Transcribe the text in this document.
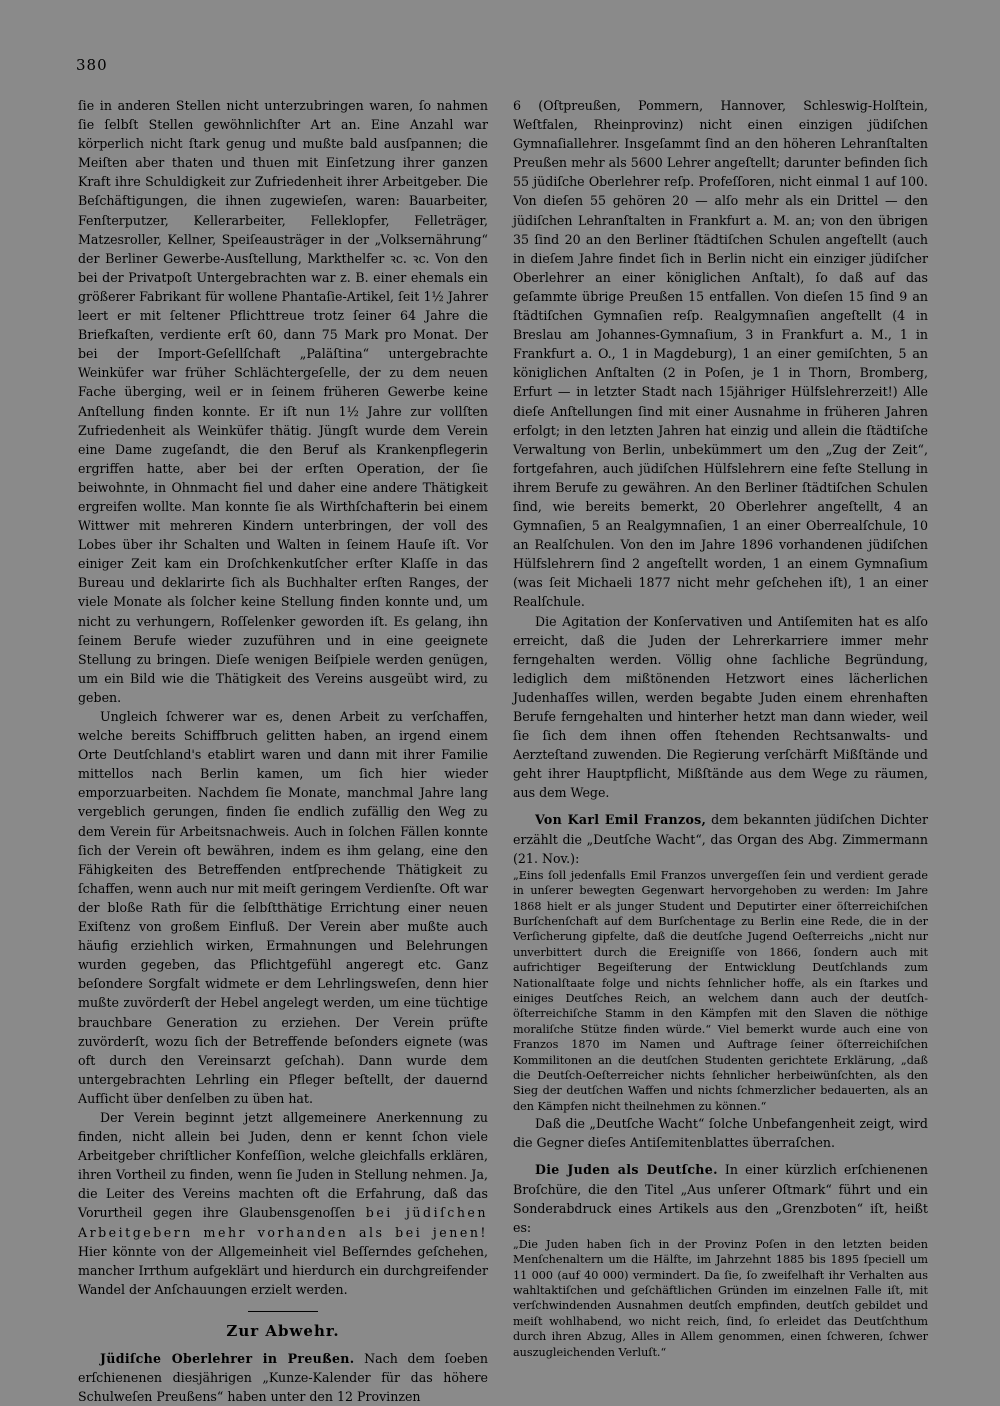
380

ſie in anderen Stellen nicht unterzubringen waren, ſo nahmen ſie ſelbſt Stellen gewöhnlichſter Art an. Eine Anzahl war körperlich nicht ſtark genug und mußte bald ausſpannen; die Meiſten aber thaten und thuen mit Einſetzung ihrer ganzen Kraft ihre Schuldigkeit zur Zufriedenheit ihrer Arbeitgeber. Die Beſchäftigungen, die ihnen zugewieſen, waren: Bauarbeiter, Fenſterputzer, Kellerarbeiter, Felleklopfer, Felleträger, Matzesroller, Kellner, Speiſeausträger in der „Volksernährung“ der Berliner Gewerbe-Ausſtellung, Markthelfer ꝛc. ꝛc. Von den bei der Privatpoſt Untergebrachten war z. B. einer ehemals ein größerer Fabrikant für wollene Phantaſie-Artikel, ſeit 1½ Jahrer leert er mit ſeltener Pflichttreue trotz ſeiner 64 Jahre die Briefkaſten, verdiente erſt 60, dann 75 Mark pro Monat. Der bei der Import-Geſellſchaft „Paläſtina“ untergebrachte Weinküfer war früher Schlächtergeſelle, der zu dem neuen Fache überging, weil er in ſeinem früheren Gewerbe keine Anſtellung finden konnte. Er iſt nun 1½ Jahre zur vollſten Zufriedenheit als Weinküfer thätig. Jüngſt wurde dem Verein eine Dame zugeſandt, die den Beruf als Krankenpflegerin ergriffen hatte, aber bei der erſten Operation, der ſie beiwohnte, in Ohnmacht fiel und daher eine andere Thätigkeit ergreifen wollte. Man konnte ſie als Wirthſchafterin bei einem Wittwer mit mehreren Kindern unterbringen, der voll des Lobes über ihr Schalten und Walten in ſeinem Hauſe iſt. Vor einiger Zeit kam ein Droſchkenkutſcher erſter Klaſſe in das Bureau und deklarirte ſich als Buchhalter erſten Ranges, der viele Monate als ſolcher keine Stellung finden konnte und, um nicht zu verhungern, Roſſelenker geworden iſt. Es gelang, ihn ſeinem Berufe wieder zuzuführen und in eine geeignete Stellung zu bringen. Dieſe wenigen Beiſpiele werden genügen, um ein Bild wie die Thätigkeit des Vereins ausgeübt wird, zu geben.

Ungleich ſchwerer war es, denen Arbeit zu verſchaffen, welche bereits Schiffbruch gelitten haben, an irgend einem Orte Deutſchland's etablirt waren und dann mit ihrer Familie mittellos nach Berlin kamen, um ſich hier wieder emporzuarbeiten. Nachdem ſie Monate, manchmal Jahre lang vergeblich gerungen, finden ſie endlich zufällig den Weg zu dem Verein für Arbeitsnachweis. Auch in ſolchen Fällen konnte ſich der Verein oft bewähren, indem es ihm gelang, eine den Fähigkeiten des Betreffenden entſprechende Thätigkeit zu ſchaffen, wenn auch nur mit meiſt geringem Verdienſte. Oft war der bloße Rath für die ſelbſtthätige Errichtung einer neuen Exiſtenz von großem Einfluß. Der Verein aber mußte auch häufig erziehlich wirken, Ermahnungen und Belehrungen wurden gegeben, das Pflichtgefühl angeregt etc. Ganz beſondere Sorgfalt widmete er dem Lehrlingsweſen, denn hier mußte zuvörderſt der Hebel angelegt werden, um eine tüchtige brauchbare Generation zu erziehen. Der Verein prüfte zuvörderſt, wozu ſich der Betreffende beſonders eignete (was oft durch den Vereinsarzt geſchah). Dann wurde dem untergebrachten Lehrling ein Pfleger beſtellt, der dauernd Aufſicht über denſelben zu üben hat.

Der Verein beginnt jetzt allgemeinere Anerkennung zu finden, nicht allein bei Juden, denn er kennt ſchon viele Arbeitgeber chriſtlicher Konfeſſion, welche gleichfalls erklären, ihren Vortheil zu finden, wenn ſie Juden in Stellung nehmen. Ja, die Leiter des Vereins machten oft die Erfahrung, daß das Vorurtheil gegen ihre Glaubensgenoſſen bei jüdiſchen Arbeitgebern mehr vorhanden als bei jenen! Hier könnte von der Allgemeinheit viel Beſſerndes geſchehen, mancher Irrthum aufgeklärt und hierdurch ein durchgreifender Wandel der Anſchauungen erzielt werden.

Zur Abwehr.

Jüdiſche Oberlehrer in Preußen. Nach dem ſoeben erſchienenen diesjährigen „Kunze-Kalender für das höhere Schulweſen Preußens“ haben unter den 12 Provinzen

6 (Oſtpreußen, Pommern, Hannover, Schleswig-Holſtein, Weſtfalen, Rheinprovinz) nicht einen einzigen jüdiſchen Gymnaſiallehrer. Insgeſammt ſind an den höheren Lehranſtalten Preußen mehr als 5600 Lehrer angeſtellt; darunter befinden ſich 55 jüdiſche Oberlehrer reſp. Profeſſoren, nicht einmal 1 auf 100. Von dieſen 55 gehören 20 — alſo mehr als ein Drittel — den jüdiſchen Lehranſtalten in Frankfurt a. M. an; von den übrigen 35 ſind 20 an den Berliner ſtädtiſchen Schulen angeſtellt (auch in dieſem Jahre findet ſich in Berlin nicht ein einziger jüdiſcher Oberlehrer an einer königlichen Anſtalt), ſo daß auf das geſammte übrige Preußen 15 entfallen. Von dieſen 15 ſind 9 an ſtädtiſchen Gymnaſien reſp. Realgymnaſien angeſtellt (4 in Breslau am Johannes-Gymnaſium, 3 in Frankfurt a. M., 1 in Frankfurt a. O., 1 in Magdeburg), 1 an einer gemiſchten, 5 an königlichen Anſtalten (2 in Poſen, je 1 in Thorn, Bromberg, Erfurt — in letzter Stadt nach 15jähriger Hülfslehrerzeit!) Alle dieſe Anſtellungen ſind mit einer Ausnahme in früheren Jahren erfolgt; in den letzten Jahren hat einzig und allein die ſtädtiſche Verwaltung von Berlin, unbekümmert um den „Zug der Zeit“, fortgefahren, auch jüdiſchen Hülfslehrern eine feſte Stellung in ihrem Berufe zu gewähren. An den Berliner ſtädtiſchen Schulen ſind, wie bereits bemerkt, 20 Oberlehrer angeſtellt, 4 an Gymnaſien, 5 an Realgymnaſien, 1 an einer Oberrealſchule, 10 an Realſchulen. Von den im Jahre 1896 vorhandenen jüdiſchen Hülfslehrern ſind 2 angeſtellt worden, 1 an einem Gymnaſium (was ſeit Michaeli 1877 nicht mehr geſchehen iſt), 1 an einer Realſchule.

Die Agitation der Konſervativen und Antiſemiten hat es alſo erreicht, daß die Juden der Lehrerkarriere immer mehr ferngehalten werden. Völlig ohne ſachliche Begründung, lediglich dem mißtönenden Hetzwort eines lächerlichen Judenhaſſes willen, werden begabte Juden einem ehrenhaften Berufe ferngehalten und hinterher hetzt man dann wieder, weil ſie ſich dem ihnen offen ſtehenden Rechtsanwalts- und Aerzteſtand zuwenden. Die Regierung verſchärft Mißſtände und geht ihrer Hauptpflicht, Mißſtände aus dem Wege zu räumen, aus dem Wege.

Von Karl Emil Franzos, dem bekannten jüdiſchen Dichter erzählt die „Deutſche Wacht“, das Organ des Abg. Zimmermann (21. Nov.):

„Eins ſoll jedenfalls Emil Franzos unvergeſſen ſein und verdient gerade in unſerer bewegten Gegenwart hervorgehoben zu werden: Im Jahre 1868 hielt er als junger Student und Deputirter einer öſterreichiſchen Burſchenſchaft auf dem Burſchentage zu Berlin eine Rede, die in der Verſicherung gipfelte, daß die deutſche Jugend Oeſterreichs „nicht nur unverbittert durch die Ereigniſſe von 1866, ſondern auch mit aufrichtiger Begeiſterung der Entwicklung Deutſchlands zum Nationalſtaate folge und nichts ſehnlicher hoffe, als ein ſtarkes und einiges Deutſches Reich, an welchem dann auch der deutſch-öſterreichiſche Stamm in den Kämpfen mit den Slaven die nöthige moraliſche Stütze finden würde.“ Viel bemerkt wurde auch eine von Franzos 1870 im Namen und Auftrage ſeiner öſterreichiſchen Kommilitonen an die deutſchen Studenten gerichtete Erklärung, „daß die Deutſch-Oeſterreicher nichts ſehnlicher herbeiwünſchten, als den Sieg der deutſchen Waffen und nichts ſchmerzlicher bedauerten, als an den Kämpfen nicht theilnehmen zu können.“

Daß die „Deutſche Wacht“ ſolche Unbefangenheit zeigt, wird die Gegner dieſes Antiſemitenblattes überraſchen.

Die Juden als Deutſche. In einer kürzlich erſchienenen Broſchüre, die den Titel „Aus unſerer Oſtmark“ führt und ein Sonderabdruck eines Artikels aus den „Grenzboten“ iſt, heißt es:

„Die Juden haben ſich in der Provinz Poſen in den letzten beiden Menſchenaltern um die Hälfte, im Jahrzehnt 1885 bis 1895 ſpeciell um 11 000 (auf 40 000) vermindert. Da ſie, ſo zweifelhaft ihr Verhalten aus wahltaktiſchen und geſchäftlichen Gründen im einzelnen Falle iſt, mit verſchwindenden Ausnahmen deutſch empfinden, deutſch gebildet und meiſt wohlhabend, wo nicht reich, ſind, ſo erleidet das Deutſchthum durch ihren Abzug, Alles in Allem genommen, einen ſchweren, ſchwer auszugleichenden Verluſt.“
